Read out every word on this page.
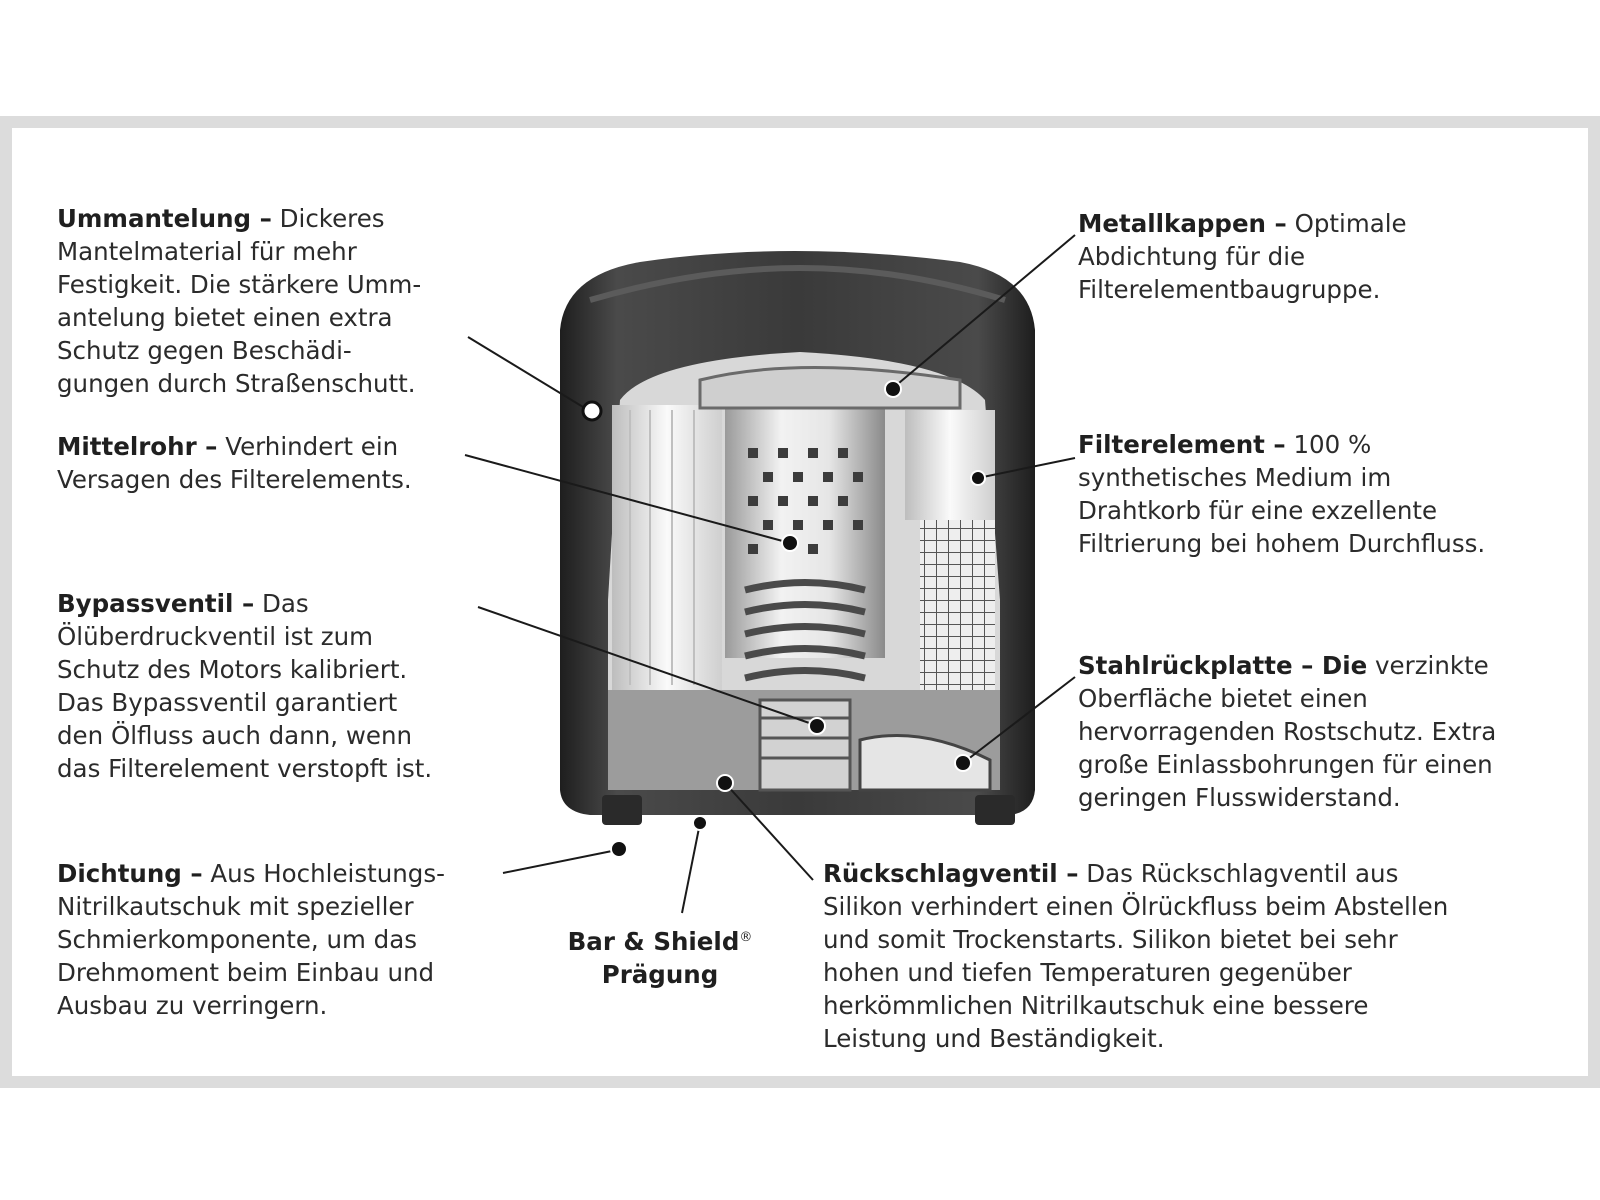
Ummantelung – Dickeres
Mantelmaterial für mehr
Festigkeit. Die stärkere Umm-
antelung bietet einen extra
Schutz gegen Beschädi-
gungen durch Straßenschutt.
Mittelrohr – Verhindert ein
Versagen des Filterelements.
Bypassventil – Das
Ölüberdruckventil ist zum
Schutz des Motors kalibriert.
Das Bypassventil garantiert
den Ölfluss auch dann, wenn
das Filterelement verstopft ist.
Dichtung – Aus Hochleistungs-
Nitrilkautschuk mit spezieller
Schmierkomponente, um das
Drehmoment beim Einbau und
Ausbau zu verringern.
Bar & Shield®
Prägung
Metallkappen – Optimale
Abdichtung für die
Filterelementbaugruppe.
Filterelement – 100 %
synthetisches Medium im
Drahtkorb für eine exzellente
Filtrierung bei hohem Durchfluss.
Stahlrückplatte – Die verzinkte
Oberfläche bietet einen
hervorragenden Rostschutz. Extra
große Einlassbohrungen für einen
geringen Flusswiderstand.
Rückschlagventil – Das Rückschlagventil aus
Silikon verhindert einen Ölrückfluss beim Abstellen
und somit Trockenstarts. Silikon bietet bei sehr
hohen und tiefen Temperaturen gegenüber
herkömmlichen Nitrilkautschuk eine bessere
Leistung und Beständigkeit.
